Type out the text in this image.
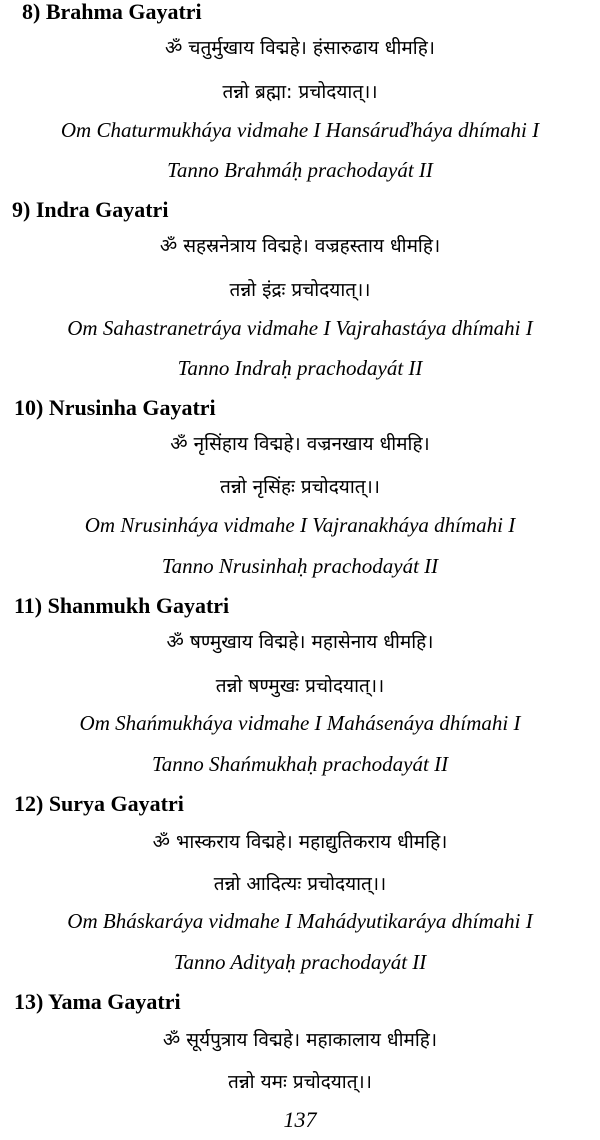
8) Brahma Gayatri
ॐ चतुर्मुखाय विद्महे। हंसारुढाय धीमहि।
तन्नो ब्रह्मा: प्रचोदयात्।।
Om Chaturmukháya vidmahe I Hansáruďháya dhímahi I
Tanno Brahmáḥ prachodayát II
9) Indra Gayatri
ॐ सहस्रनेत्राय विद्महे। वज्रहस्ताय धीमहि।
तन्नो इंद्रः प्रचोदयात्।।
Om Sahastranetráya vidmahe I Vajrahastáya dhímahi I
Tanno Indraḥ prachodayát II
10) Nrusinha Gayatri
ॐ नृसिंहाय विद्महे। वज्रनखाय धीमहि।
तन्नो नृसिंहः प्रचोदयात्।।
Om Nrusinháya vidmahe I Vajranakháya dhímahi I
Tanno Nrusinhaḥ prachodayát II
11) Shanmukh Gayatri
ॐ षण्मुखाय विद्महे। महासेनाय धीमहि।
तन्नो षण्मुखः प्रचोदयात्।।
Om Shańmukháya vidmahe I Mahásenáya dhímahi I
Tanno Shańmukhaḥ prachodayát II
12) Surya Gayatri
ॐ भास्कराय विद्महे। महाद्युतिकराय धीमहि।
तन्नो आदित्यः प्रचोदयात्।।
Om Bháskaráya vidmahe I Mahádyutikaráya dhímahi I
Tanno Adityaḥ prachodayát II
13) Yama Gayatri
ॐ सूर्यपुत्राय विद्महे। महाकालाय धीमहि।
तन्नो यमः प्रचोदयात्।।
137
